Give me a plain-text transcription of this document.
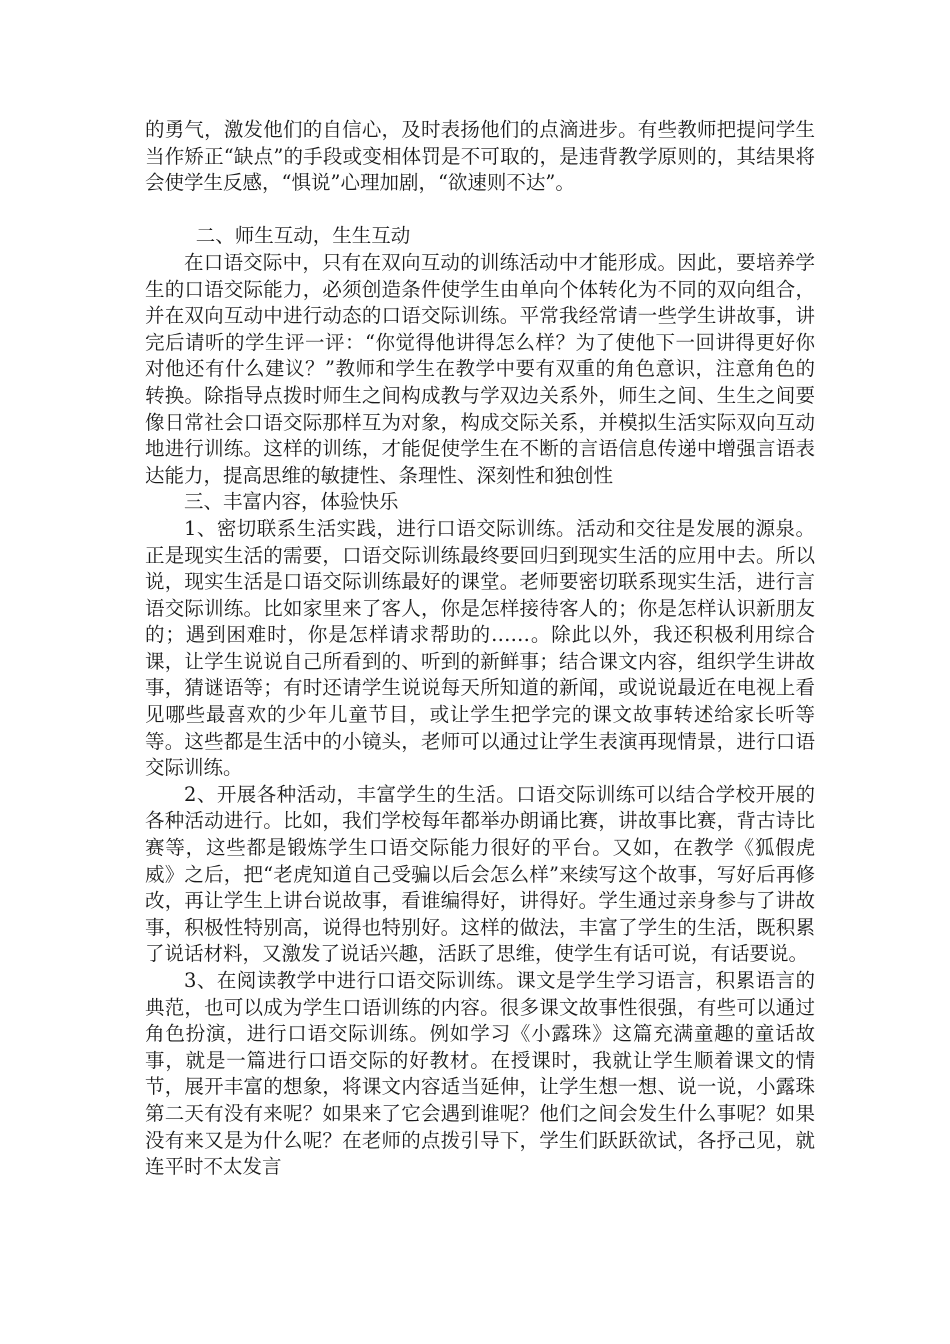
的勇气，激发他们的自信心，及时表扬他们的点滴进步。有些教师把提问学生当作矫正“缺点”的手段或变相体罚是不可取的，是违背教学原则的，其结果将会使学生反感，“惧说”心理加剧，“欲速则不达”。

二、师生互动，生生互动

在口语交际中，只有在双向互动的训练活动中才能形成。因此，要培养学生的口语交际能力，必须创造条件使学生由单向个体转化为不同的双向组合，并在双向互动中进行动态的口语交际训练。平常我经常请一些学生讲故事，讲完后请听的学生评一评：“你觉得他讲得怎么样？为了使他下一回讲得更好你对他还有什么建议？”教师和学生在教学中要有双重的角色意识，注意角色的转换。除指导点拨时师生之间构成教与学双边关系外，师生之间、生生之间要像日常社会口语交际那样互为对象，构成交际关系，并模拟生活实际双向互动地进行训练。这样的训练，才能促使学生在不断的言语信息传递中增强言语表达能力，提高思维的敏捷性、条理性、深刻性和独创性

三、丰富内容，体验快乐

1、密切联系生活实践，进行口语交际训练。活动和交往是发展的源泉。正是现实生活的需要，口语交际训练最终要回归到现实生活的应用中去。所以说，现实生活是口语交际训练最好的课堂。老师要密切联系现实生活，进行言语交际训练。比如家里来了客人，你是怎样接待客人的；你是怎样认识新朋友的；遇到困难时，你是怎样请求帮助的……。除此以外，我还积极利用综合课，让学生说说自己所看到的、听到的新鲜事；结合课文内容，组织学生讲故事，猜谜语等；有时还请学生说说每天所知道的新闻，或说说最近在电视上看见哪些最喜欢的少年儿童节目，或让学生把学完的课文故事转述给家长听等等。这些都是生活中的小镜头，老师可以通过让学生表演再现情景，进行口语交际训练。

2、开展各种活动，丰富学生的生活。口语交际训练可以结合学校开展的各种活动进行。比如，我们学校每年都举办朗诵比赛，讲故事比赛，背古诗比赛等，这些都是锻炼学生口语交际能力很好的平台。又如，在教学《狐假虎威》之后，把“老虎知道自己受骗以后会怎么样”来续写这个故事，写好后再修改，再让学生上讲台说故事，看谁编得好，讲得好。学生通过亲身参与了讲故事，积极性特别高，说得也特别好。这样的做法，丰富了学生的生活，既积累了说话材料，又激发了说话兴趣，活跃了思维，使学生有话可说，有话要说。

3、在阅读教学中进行口语交际训练。课文是学生学习语言，积累语言的典范，也可以成为学生口语训练的内容。很多课文故事性很强，有些可以通过角色扮演，进行口语交际训练。例如学习《小露珠》这篇充满童趣的童话故事，就是一篇进行口语交际的好教材。在授课时，我就让学生顺着课文的情节，展开丰富的想象，将课文内容适当延伸，让学生想一想、说一说，小露珠第二天有没有来呢？如果来了它会遇到谁呢？他们之间会发生什么事呢？如果没有来又是为什么呢？在老师的点拨引导下，学生们跃跃欲试，各抒己见，就连平时不太发言
